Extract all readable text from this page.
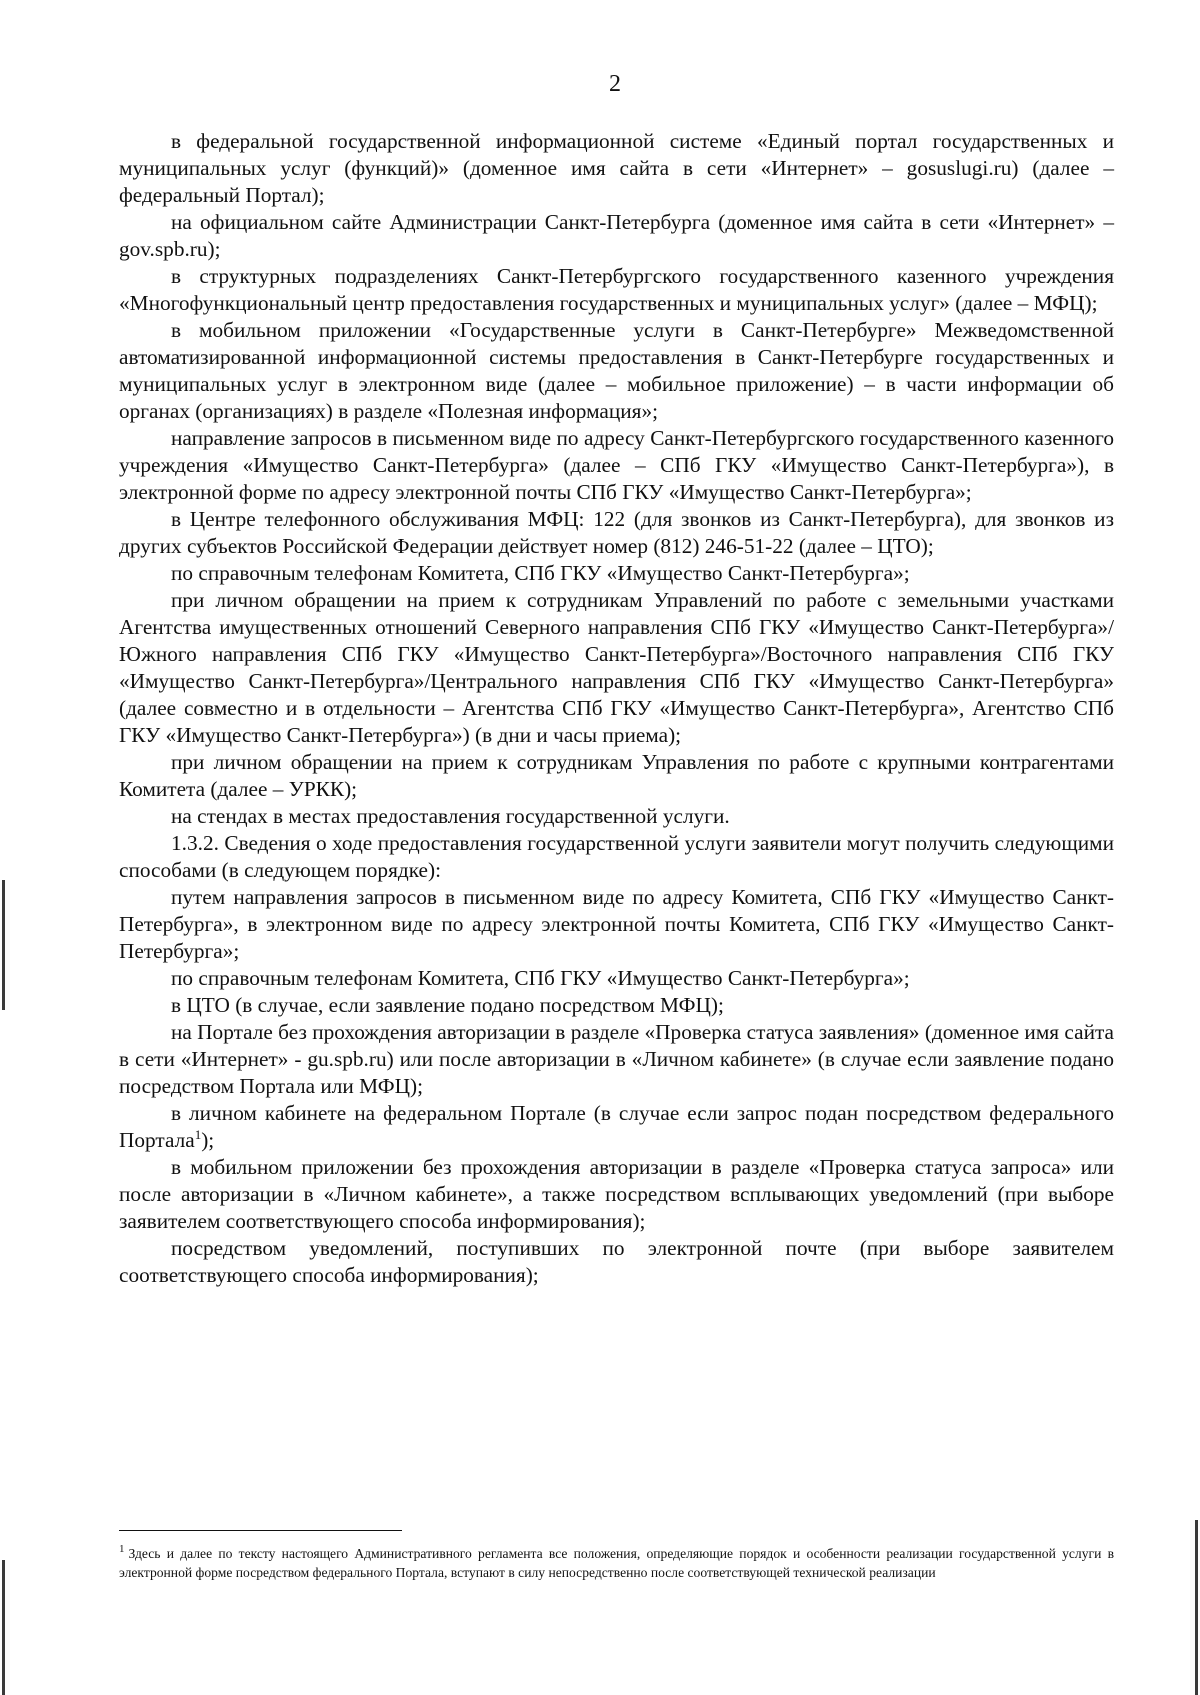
2

в федеральной государственной информационной системе «Единый портал государственных и муниципальных услуг (функций)» (доменное имя сайта в сети «Интернет» – gosuslugi.ru) (далее – федеральный Портал);

на официальном сайте Администрации Санкт-Петербурга (доменное имя сайта в сети «Интернет» – gov.spb.ru);

в структурных подразделениях Санкт-Петербургского государственного казенного учреждения «Многофункциональный центр предоставления государственных и муниципальных услуг» (далее – МФЦ);

в мобильном приложении «Государственные услуги в Санкт-Петербурге» Межведомственной автоматизированной информационной системы предоставления в Санкт-Петербурге государственных и муниципальных услуг в электронном виде (далее – мобильное приложение) – в части информации об органах (организациях) в разделе «Полезная информация»;

направление запросов в письменном виде по адресу Санкт-Петербургского государственного казенного учреждения «Имущество Санкт-Петербурга» (далее – СПб ГКУ «Имущество Санкт-Петербурга»), в электронной форме по адресу электронной почты СПб ГКУ «Имущество Санкт-Петербурга»;

в Центре телефонного обслуживания МФЦ: 122 (для звонков из Санкт-Петербурга), для звонков из других субъектов Российской Федерации действует номер (812) 246-51-22 (далее – ЦТО);

по справочным телефонам Комитета, СПб ГКУ «Имущество Санкт-Петербурга»;

при личном обращении на прием к сотрудникам Управлений по работе с земельными участками Агентства имущественных отношений Северного направления СПб ГКУ «Имущество Санкт-Петербурга»/Южного направления СПб ГКУ «Имущество Санкт-Петербурга»/Восточного направления СПб ГКУ «Имущество Санкт-Петербурга»/Центрального направления СПб ГКУ «Имущество Санкт-Петербурга» (далее совместно и в отдельности – Агентства СПб ГКУ «Имущество Санкт-Петербурга», Агентство СПб ГКУ «Имущество Санкт-Петербурга») (в дни и часы приема);

при личном обращении на прием к сотрудникам Управления по работе с крупными контрагентами Комитета (далее – УРКК);

на стендах в местах предоставления государственной услуги.

1.3.2. Сведения о ходе предоставления государственной услуги заявители могут получить следующими способами (в следующем порядке):

путем направления запросов в письменном виде по адресу Комитета, СПб ГКУ «Имущество Санкт-Петербурга», в электронном виде по адресу электронной почты Комитета, СПб ГКУ «Имущество Санкт-Петербурга»;

по справочным телефонам Комитета, СПб ГКУ «Имущество Санкт-Петербурга»;

в ЦТО (в случае, если заявление подано посредством МФЦ);

на Портале без прохождения авторизации в разделе «Проверка статуса заявления» (доменное имя сайта в сети «Интернет» - gu.spb.ru) или после авторизации в «Личном кабинете» (в случае если заявление подано посредством Портала или МФЦ);

в личном кабинете на федеральном Портале (в случае если запрос подан посредством федерального Портала$^1$);

в мобильном приложении без прохождения авторизации в разделе «Проверка статуса запроса» или после авторизации в «Личном кабинете», а также посредством всплывающих уведомлений (при выборе заявителем соответствующего способа информирования);

посредством уведомлений, поступивших по электронной почте (при выборе заявителем соответствующего способа информирования);

$^1$ Здесь и далее по тексту настоящего Административного регламента все положения, определяющие порядок и особенности реализации государственной услуги в электронной форме посредством федерального Портала, вступают в силу непосредственно после соответствующей технической реализации
